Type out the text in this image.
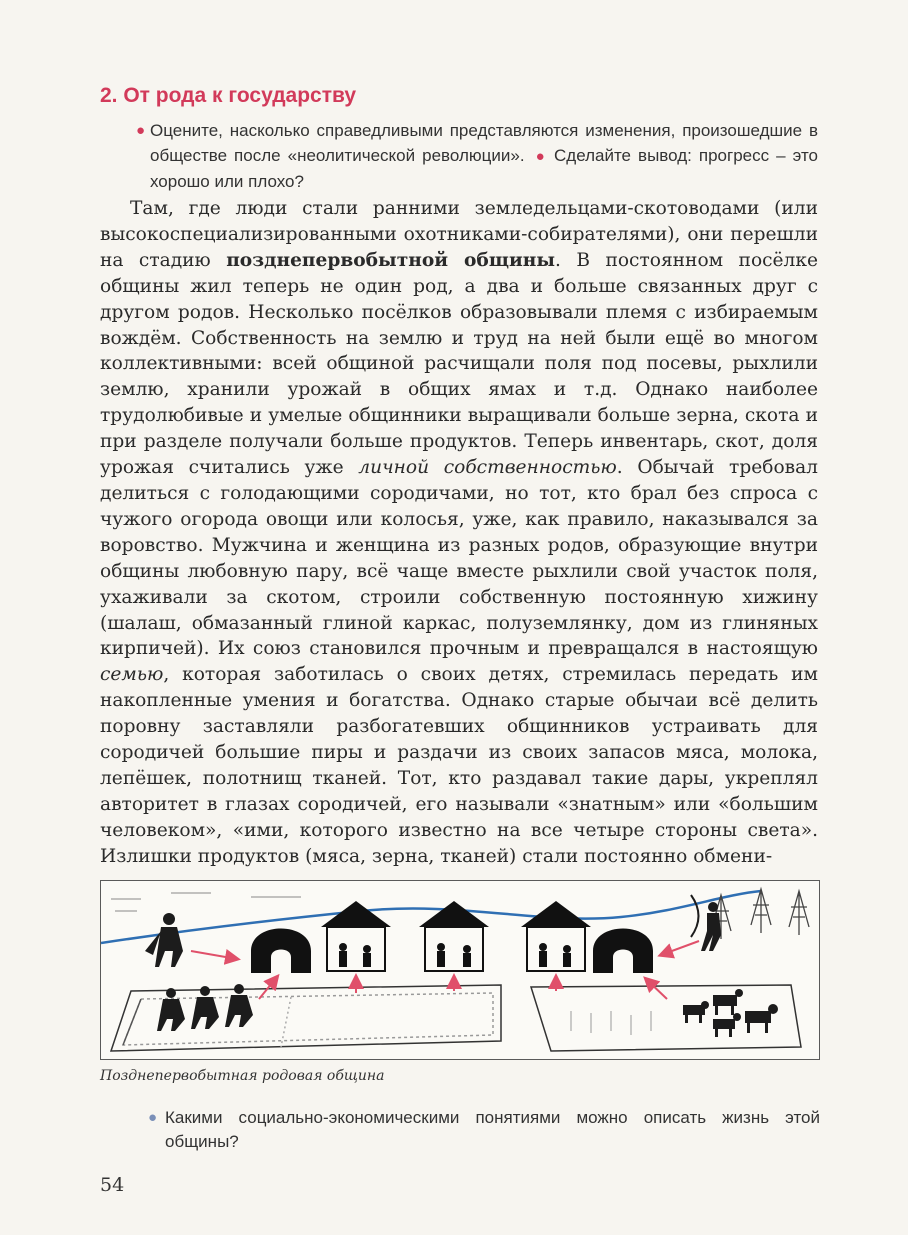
2. От рода к государству
● Оцените, насколько справедливыми представляются изменения, произошедшие в обществе после «неолитической революции». ● Сделайте вывод: прогресс – это хорошо или плохо?

Там, где люди стали ранними земледельцами-скотоводами (или высокоспециализированными охотниками-собирателями), они перешли на стадию позднепервобытной общины. В постоянном посёлке общины жил теперь не один род, а два и больше связанных друг с другом родов. Несколько посёлков образовывали племя с избираемым вождём. Собственность на землю и труд на ней были ещё во многом коллективными: всей общиной расчищали поля под посевы, рыхлили землю, хранили урожай в общих ямах и т.д. Однако наиболее трудолюбивые и умелые общинники выращивали больше зерна, скота и при разделе получали больше продуктов. Теперь инвентарь, скот, доля урожая считались уже личной собственностью. Обычай требовал делиться с голодающими сородичами, но тот, кто брал без спроса с чужого огорода овощи или колосья, уже, как правило, наказывался за воровство. Мужчина и женщина из разных родов, образующие внутри общины любовную пару, всё чаще вместе рыхлили свой участок поля, ухаживали за скотом, строили собственную постоянную хижину (шалаш, обмазанный глиной каркас, полуземлянку, дом из глиняных кирпичей). Их союз становился прочным и превращался в настоящую семью, которая заботилась о своих детях, стремилась передать им накопленные умения и богатства. Однако старые обычаи всё делить поровну заставляли разбогатевших общинников устраивать для сородичей большие пиры и раздачи из своих запасов мяса, молока, лепёшек, полотнищ тканей. Тот, кто раздавал такие дары, укреплял авторитет в глазах сородичей, его называли «знатным» или «большим человеком», «ими, которого известно на все четыре стороны света». Излишки продуктов (мяса, зерна, тканей) стали постоянно обмени-

Позднепервобытная родовая община

● Какими социально-экономическими понятиями можно описать жизнь этой общины?

54
